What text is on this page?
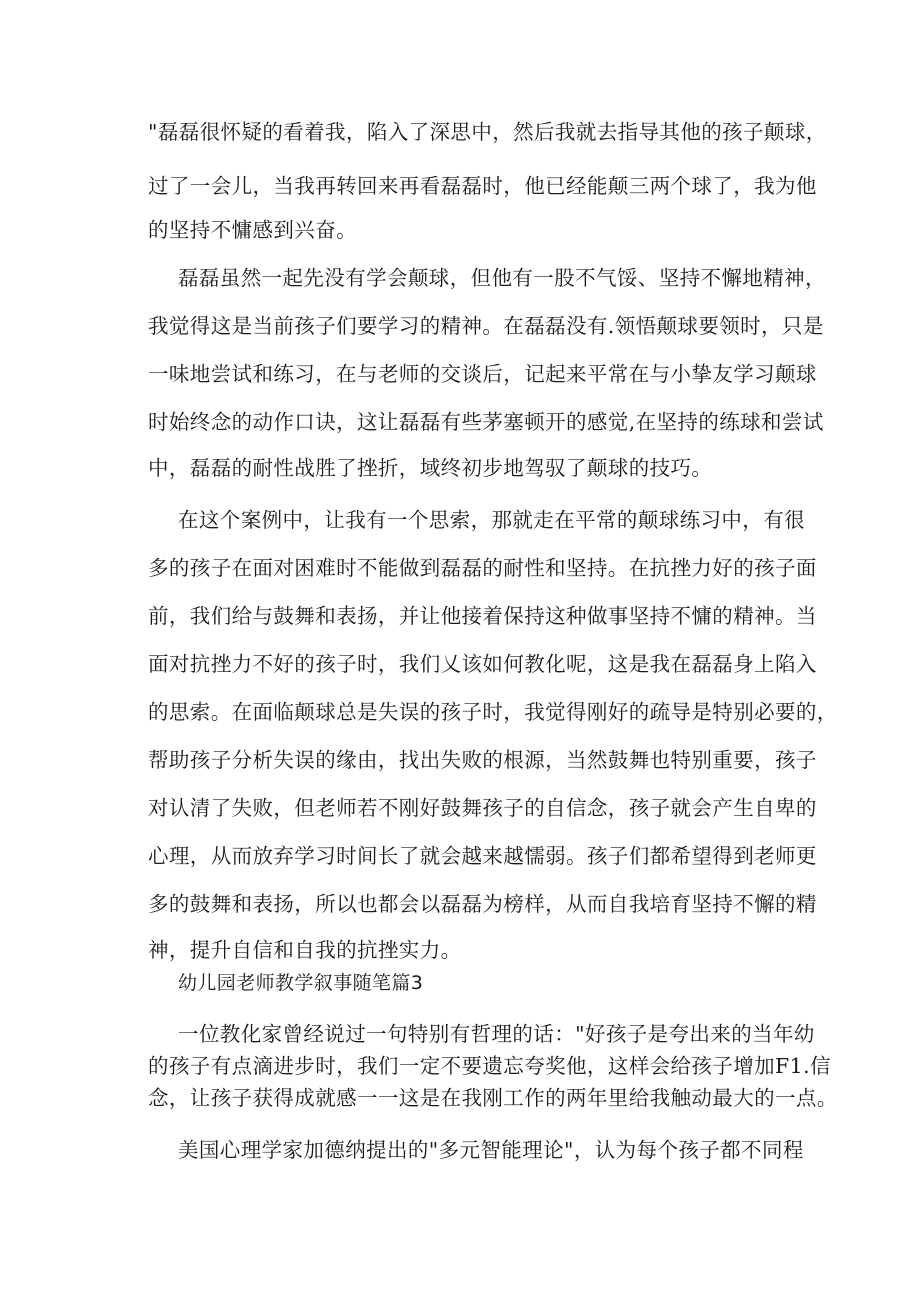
"磊磊很怀疑的看着我，陷入了深思中，然后我就去指导其他的孩子颠球，
过了一会儿，当我再转回来再看磊磊时，他已经能颠三两个球了，我为他
的坚持不慵感到兴奋。
磊磊虽然一起先没有学会颠球，但他有一股不气馁、坚持不懈地精神，
我觉得这是当前孩子们要学习的精神。在磊磊没有.领悟颠球要领时，只是
一味地尝试和练习，在与老师的交谈后，记起来平常在与小挚友学习颠球
时始终念的动作口诀，这让磊磊有些茅塞顿开的感觉,在坚持的练球和尝试
中，磊磊的耐性战胜了挫折，域终初步地驾驭了颠球的技巧。
在这个案例中，让我有一个思索，那就走在平常的颠球练习中，有很
多的孩子在面对困难时不能做到磊磊的耐性和坚持。在抗挫力好的孩子面
前，我们给与鼓舞和表扬，并让他接着保持这种做事坚持不慵的精神。当
面对抗挫力不好的孩子时，我们乂该如何教化呢，这是我在磊磊身上陷入
的思索。在面临颠球总是失误的孩子时，我觉得刚好的疏导是特别必要的，
帮助孩子分析失误的缘由，找出失败的根源，当然鼓舞也特别重要，孩子
对认清了失败，但老师若不刚好鼓舞孩子的自信念，孩子就会产生自卑的
心理，从而放弃学习时间长了就会越来越懦弱。孩子们都希望得到老师更
多的鼓舞和表扬，所以也都会以磊磊为榜样，从而自我培育坚持不懈的精
神，提升自信和自我的抗挫实力。
幼儿园老师教学叙事随笔篇3
一位教化家曾经说过一句特别有哲理的话："好孩子是夸出来的当年幼
的孩子有点滴进步时，我们一定不要遗忘夸奖他，这样会给孩子增加F1.信
念，让孩子获得成就感一一这是在我刚工作的两年里给我触动最大的一点。
美国心理学家加德纳提出的"多元智能理论"，认为每个孩子都不同程
